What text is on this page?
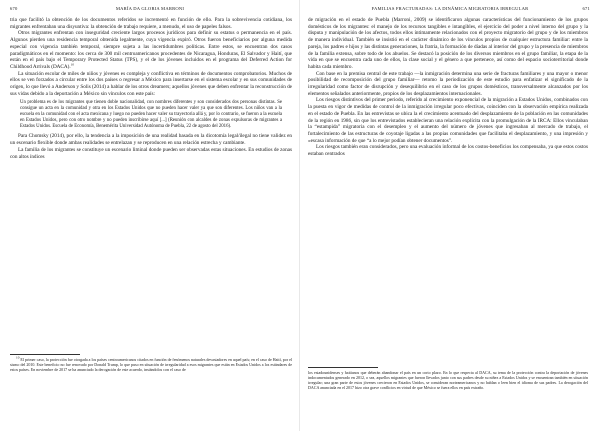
670	MARÍA DA GLORIA MARRONI

tria que facilitó la obtención de los documentos referidos se incrementó en función de ello. Para la sobrevivencia cotidiana, los migrantes enfrentaban una disyuntiva: la obtención de trabajo requiere, a menudo, el uso de papeles falsos.

Otros migrantes enfrentan con inseguridad creciente largos procesos jurídicos para definir su estatus o permanencia en el país. Algunos pierden una residencia temporal obtenida legalmente, cuya vigencia expiró. Otros fueron beneficiarios por alguna medida especial con vigencia también temporal, siempre sujeta a las incertidumbres políticas. Entre estos, se encuentran dos casos paradigmáticos en el momento: los cerca de 300 mil centroamericanos procedentes de Nicaragua, Honduras, El Salvador y Haití, que están en el país bajo el Temporary Protected Status (TPS), y el de los jóvenes incluidos en el programa del Deferred Action for Childhood Arrivals (DACA).$^{10}$

La situación escolar de miles de niños y jóvenes es compleja y conflictiva en términos de documentos comprobatorios. Muchos de ellos se ven forzados a circular entre los dos países o regresar a México para insertarse en el sistema escolar y en sus comunidades de origen, lo que llevó a Anderson y Solis (2014) a hablar de los otros dreamers; aquellos jóvenes que deben enfrentar la reconstrucción de sus vidas debido a la deportación a México sin vínculos con este país:

Un problema es de los migrantes que tienen doble nacionalidad, con nombres diferentes y son considerados dos personas distintas. Se consigue un acta en la comunidad y otra en los Estados Unidos que no pueden hacer valer ya que son diferentes. Los niños van a la escuela en la comunidad con el acta mexicana y luego no pueden hacer valer su trayectoria allá y, por lo contrario, se fueron a la escuela en Estados Unidos, pero con otro nombre y no pueden inscribirse aquí [...] (Reunión con alcaldes de zonas expulsoras de migrantes a Estados Unidos. Escuela de Economía, Benemérita Universidad Autónoma de Puebla, 22 de agosto del 2016).

Para Chomsky (2014), por ello, la tendencia a la imposición de una realidad basada en la dicotomía legal/ilegal no tiene validez en un escenario flexible donde ambas realidades se entrelazan y se reproducen en una relación estrecha y cambiante.

La familia de los migrantes se constituye un escenario liminal donde pueden ser observadas estas situaciones. En estudios de zonas con altos índices

$^{10}$ El primer caso, la protección fue otorgada a los países centroamericanos citados en función de fenómenos naturales devastadores en aquel país; en el caso de Haití, por el sismo del 2010. Este beneficio no fue renovado por Donald Trump, lo que puso en situación de irregularidad a esos migrantes que están en Estados Unidos a los estándares de estos países. En noviembre de 2017 se ha anunciado la derogación de este acuerdo, instándolos con el caso de

FAMILIAS FRACTURADAS: LA DINÁMICA MIGRATORIA IRREGULAR	671

de migración en el estado de Puebla (Marroni, 2009) se identificaron algunas características del funcionamiento de los grupos domésticos de los migrantes: el manejo de los recursos tangibles e intangibles, el ejercicio del poder a nivel interno del grupo y la disputa y manipulación de los afectos, todos ellos íntimamente relacionados con el proyecto migratorio del grupo y de los miembros de manera individual. También se insistió en el carácter dinámico de los vínculos propios de cualquier estructura familiar: entre la pareja, los padres e hijos y las distintas generaciones, la fratría, la formación de díadas al interior del grupo y la presencia de miembros de la familia extensa, sobre todo de los abuelos. Se destacó la posición de los diversos miembros en el grupo familiar, la etapa de la vida en que se encuentra cada uno de ellos, la clase social y el género a que pertenece, así como del espacio socioterritorial donde habita cada miembro.

Con base en la premisa central de este trabajo —la inmigración determina una serie de fracturas familiares y una mayor o menor posibilidad de recomposición del grupo familiar— retomo la periodización de este estudio para enfatizar el significado de la irregularidad como factor de disrupción y desequilibrio en el caso de los grupos domésticos, transversalmente alcanzados por los elementos señalados anteriormente, propios de los desplazamientos internacionales.

Los riesgos distintivos del primer periodo, referido al crecimiento exponencial de la migración a Estados Unidos, combinados con la puesta en vigor de medidas de control de la inmigración irregular poco efectivas, coinciden con la observación empírica realizada en el estado de Puebla. En las entrevistas se ubica la el crecimiento acentuado del desplazamiento de la población en las comunidades de la región en 1986, sin que los entrevistados establecieran una relación explícita con la promulgación de la IRCA: Ellos vinculaban la “estampida” migratoria con el desempleo y el aumento del número de jóvenes que ingresaban al mercado de trabajo, el fortalecimiento de las estructuras de coyotaje ligadas a las propias comunidades que facilitaba el desplazamiento, y una impresión y «escasa información de que “a lo mejor podían obtener documentos”.

Los riesgos también eran considerados, pero una evaluación informal de los costos-beneficios los compensaba, ya que estos costos estaban centrados

los estadounidenses y haitianos que deberán abandonar el país en un corto plazo. En lo que respecta al DACA, su tema de la protección contra la deportación de jóvenes indocumentados generado en 2012, o sea, aquellos migrantes que fueron llevados junto con sus padres desde su niñez a Estados Unidos y se encuentran también en situación irregular; una gran parte de estos jóvenes crecieron en Estados Unidos, se consideran norteamericanos y no hablan o leen bien el idioma de sus padres. La derogación del DACA anunciada en el 2017 hizo otra grave conflictos en virtud de que México se fuera ellos en país extraño.
